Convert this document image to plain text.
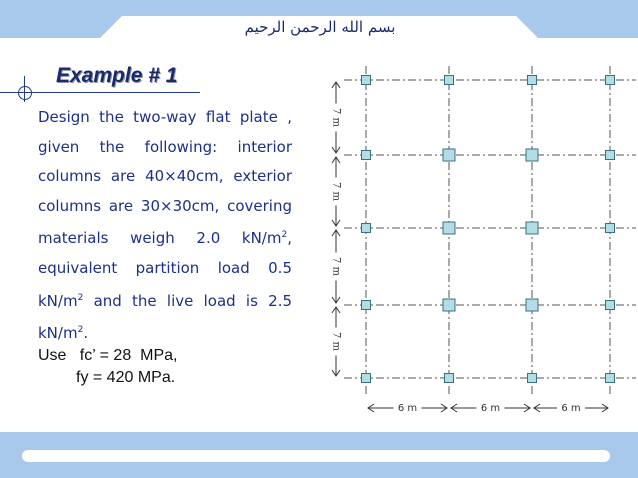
بسم الله الرحمن الرحيم
Example # 1

Design the two-way flat plate , given the following: interior columns are 40×40cm, exterior columns are 30×30cm, covering materials weigh 2.0 $kN/m^2$, equivalent partition load 0.5 $kN/m^2$ and the live load is 2.5 $kN/m^2$.

Use   fc’ = 28  MPa,
fy = 420 MPa.
7 m
7 m
7 m
7 m
6 m	6 m	6 m
